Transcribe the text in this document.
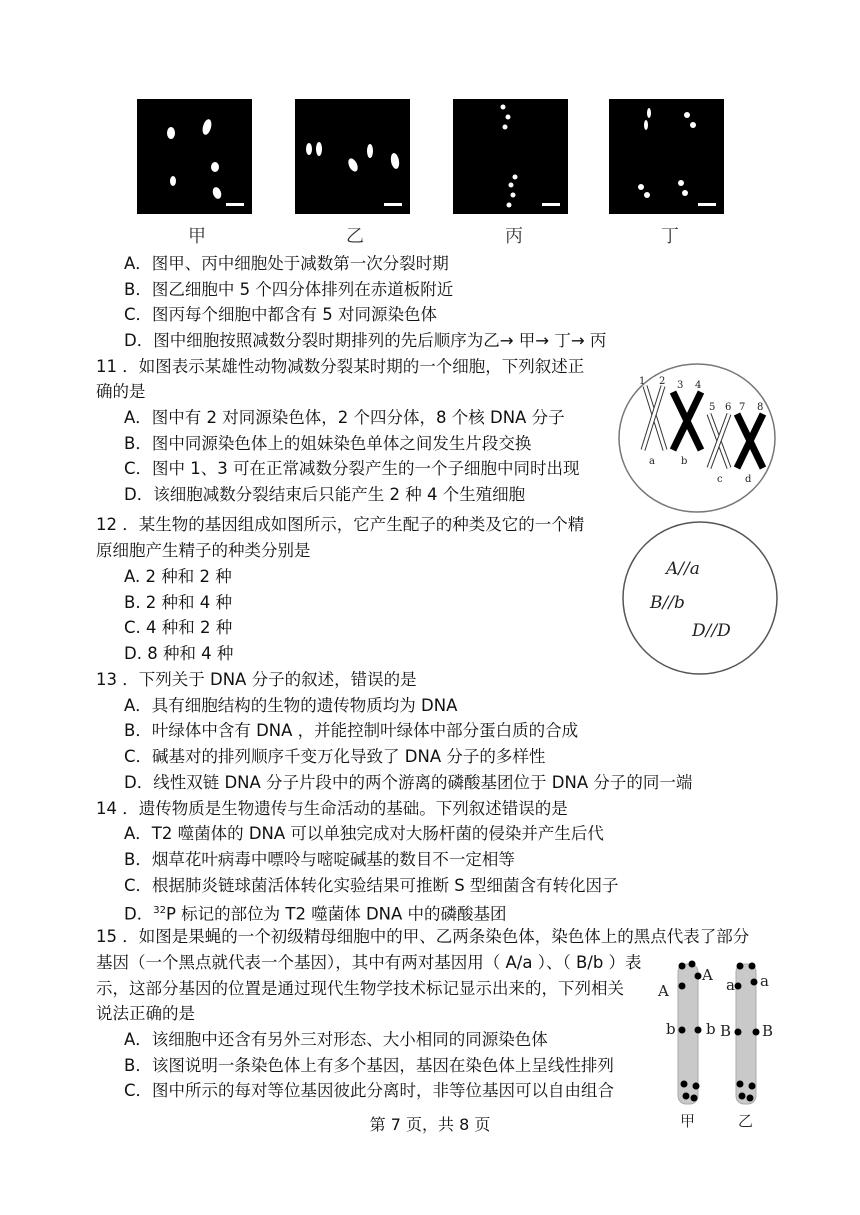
甲	乙	丙	丁
A．图甲、丙中细胞处于减数第一次分裂时期
B．图乙细胞中 5 个四分体排列在赤道板附近
C．图丙每个细胞中都含有 5 对同源染色体
D．图中细胞按照减数分裂时期排列的先后顺序为乙→ 甲→ 丁→ 丙
11 ．如图表示某雄性动物减数分裂某时期的一个细胞，下列叙述正
确的是
A．图中有 2 对同源染色体，2 个四分体，8 个核 DNA 分子
B．图中同源染色体上的姐妹染色单体之间发生片段交换
C．图中 1、3 可在正常减数分裂产生的一个子细胞中同时出现
D．该细胞减数分裂结束后只能产生 2 种 4 个生殖细胞
1 2 3 4
5 6 7 8
a	b
c d
12 ．某生物的基因组成如图所示，它产生配子的种类及它的一个精
原细胞产生精子的种类分别是
A. 2 种和 2 种
B. 2 种和 4 种
C. 4 种和 2 种
D. 8 种和 4 种
A//a
B//b
D//D
13 ．下列关于 DNA 分子的叙述，错误的是
A．具有细胞结构的生物的遗传物质均为 DNA
B．叶绿体中含有 DNA ，并能控制叶绿体中部分蛋白质的合成
C．碱基对的排列顺序千变万化导致了 DNA 分子的多样性
D．线性双链 DNA 分子片段中的两个游离的磷酸基团位于 DNA 分子的同一端
14 ．遗传物质是生物遗传与生命活动的基础。下列叙述错误的是
A．T2 噬菌体的 DNA 可以单独完成对大肠杆菌的侵染并产生后代
B．烟草花叶病毒中嘌呤与嘧啶碱基的数目不一定相等
C．根据肺炎链球菌活体转化实验结果可推断 S 型细菌含有转化因子
D．$^{32}$P 标记的部位为 T2 噬菌体 DNA 中的磷酸基团
15 ．如图是果蝇的一个初级精母细胞中的甲、乙两条染色体，染色体上的黑点代表了部分
基因（一个黑点就代表一个基因），其中有两对基因用（ A/a ）、（ B/b ）表
示，这部分基因的位置是通过现代生物学技术标记显示出来的，下列相关
说法正确的是
A．该细胞中还含有另外三对形态、大小相同的同源染色体
B．该图说明一条染色体上有多个基因，基因在染色体上呈线性排列
C．图中所示的每对等位基因彼此分离时，非等位基因可以自由组合
A
A
b b
a a
B B
甲	乙
第 7 页，共 8 页
